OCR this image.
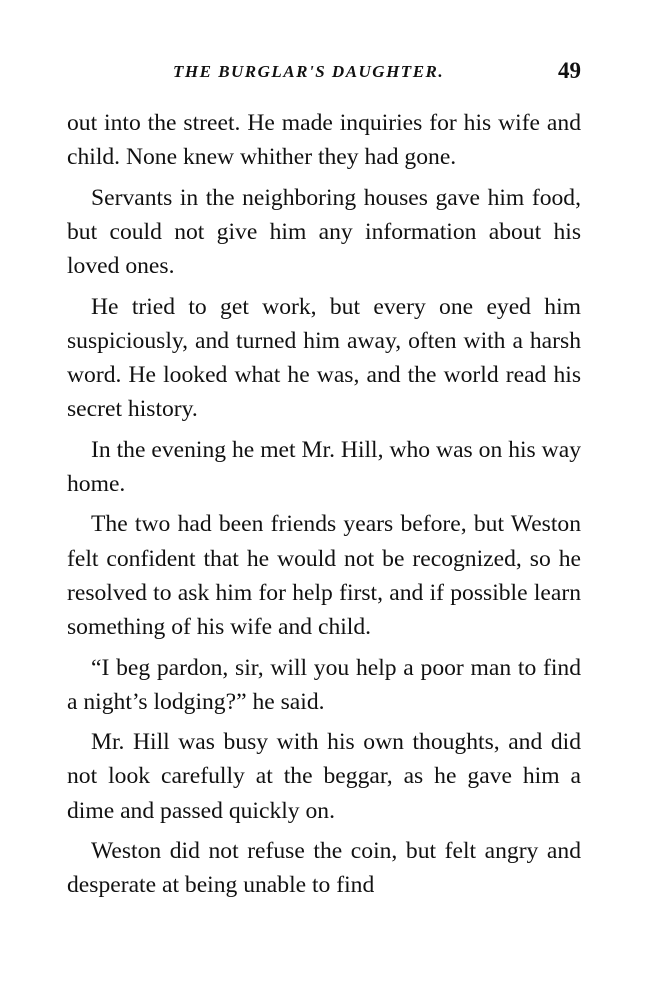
THE BURGLAR'S DAUGHTER.	49

out into the street. He made inquiries for his wife and child. None knew whither they had gone.

Servants in the neighboring houses gave him food, but could not give him any information about his loved ones.

He tried to get work, but every one eyed him suspiciously, and turned him away, often with a harsh word. He looked what he was, and the world read his secret history.

In the evening he met Mr. Hill, who was on his way home.

The two had been friends years before, but Weston felt confident that he would not be recognized, so he resolved to ask him for help first, and if possible learn something of his wife and child.

“I beg pardon, sir, will you help a poor man to find a night’s lodging?” he said.

Mr. Hill was busy with his own thoughts, and did not look carefully at the beggar, as he gave him a dime and passed quickly on.

Weston did not refuse the coin, but felt angry and desperate at being unable to find
